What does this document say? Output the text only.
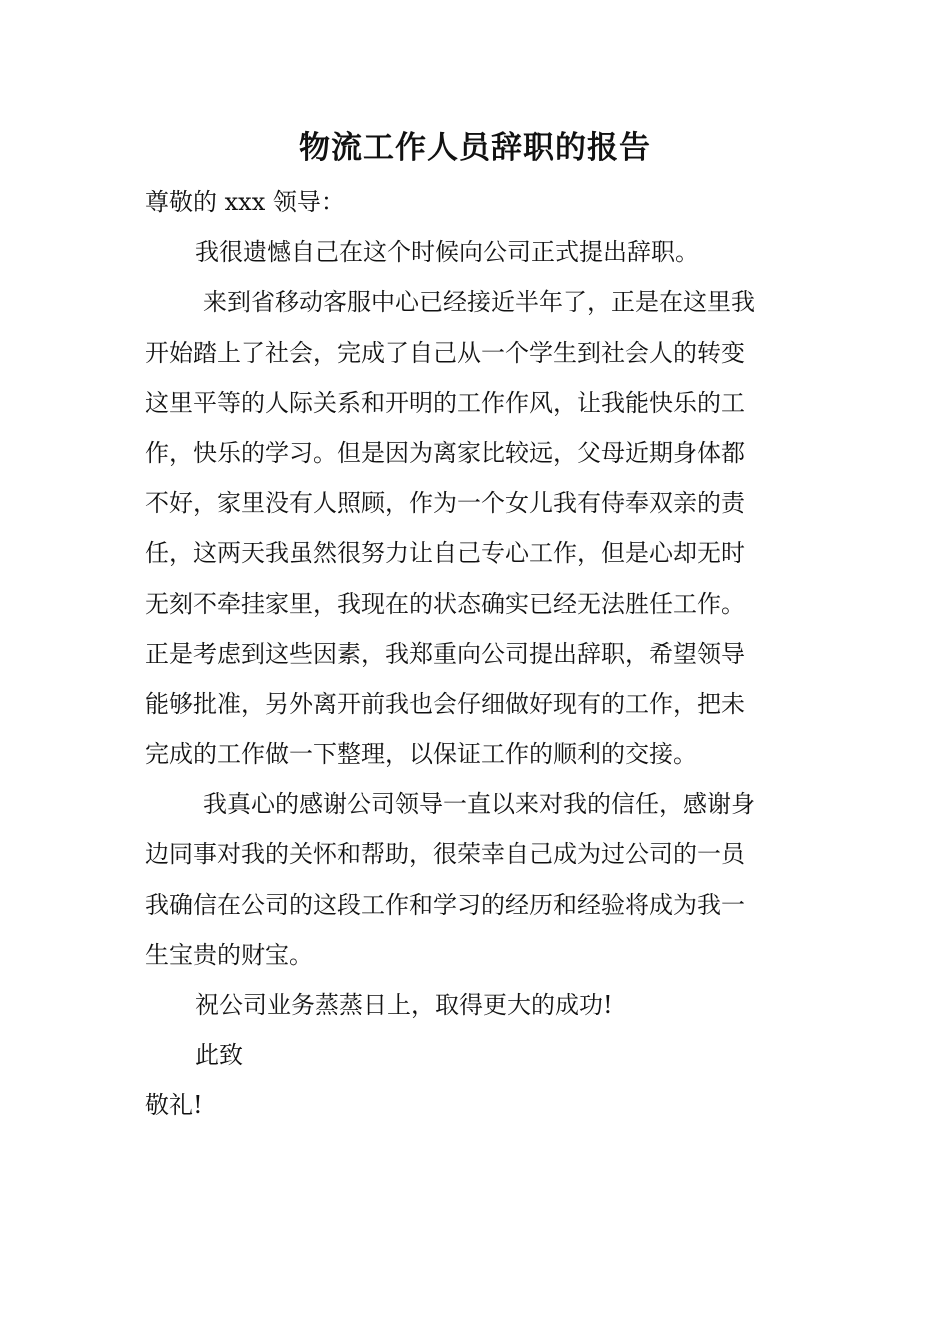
物流工作人员辞职的报告
尊敬的 xxx 领导：
我很遗憾自己在这个时候向公司正式提出辞职。
来到省移动客服中心已经接近半年了，正是在这里我
开始踏上了社会，完成了自己从一个学生到社会人的转变
这里平等的人际关系和开明的工作作风，让我能快乐的工
作，快乐的学习。但是因为离家比较远，父母近期身体都
不好，家里没有人照顾，作为一个女儿我有侍奉双亲的责
任，这两天我虽然很努力让自己专心工作，但是心却无时
无刻不牵挂家里，我现在的状态确实已经无法胜任工作。
正是考虑到这些因素，我郑重向公司提出辞职，希望领导
能够批准，另外离开前我也会仔细做好现有的工作，把未
完成的工作做一下整理，以保证工作的顺利的交接。
我真心的感谢公司领导一直以来对我的信任，感谢身
边同事对我的关怀和帮助，很荣幸自己成为过公司的一员
我确信在公司的这段工作和学习的经历和经验将成为我一
生宝贵的财宝。
祝公司业务蒸蒸日上，取得更大的成功!
此致
敬礼!
